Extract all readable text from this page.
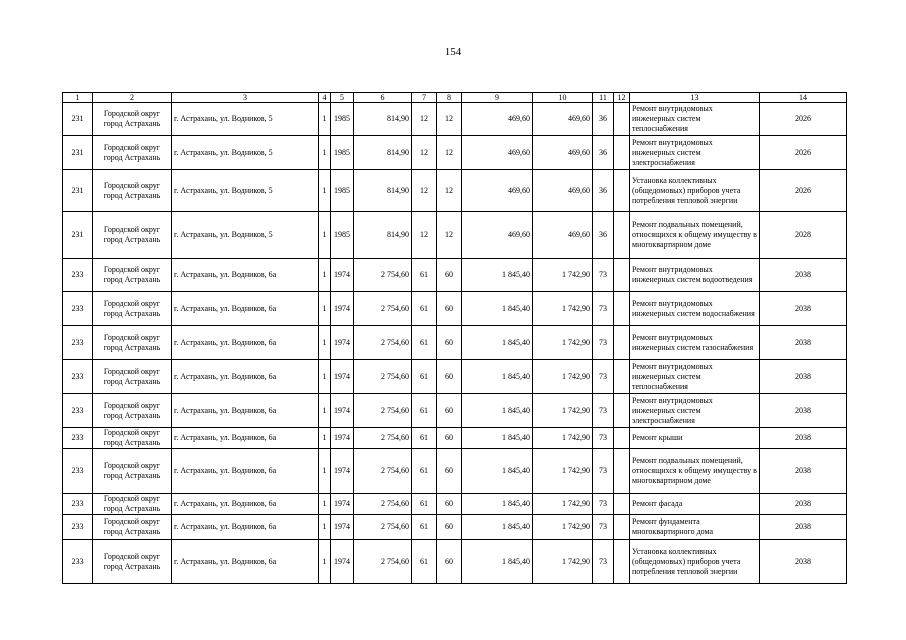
154
1	2	3	4	5	6	7	8	9	10	11	12	13	14
231	Городской округ город Астрахань	г. Астрахань, ул. Водников, 5	1	1985	814,90	12	12	469,60	469,60	36		Ремонт внутридомовых инженерных систем теплоснабжения	2026
231	Городской округ город Астрахань	г. Астрахань, ул. Водников, 5	1	1985	814,90	12	12	469,60	469,60	36		Ремонт внутридомовых инженерных систем электроснабжения	2026
231	Городской округ город Астрахань	г. Астрахань, ул. Водников, 5	1	1985	814,90	12	12	469,60	469,60	36		Установка коллективных (общедомовых) приборов учета потребления тепловой энергии	2026
231	Городской округ город Астрахань	г. Астрахань, ул. Водников, 5	1	1985	814,90	12	12	469,60	469,60	36		Ремонт подвальных помещений, относящихся к общему имуществу в многоквартирном доме	2028
233	Городской округ город Астрахань	г. Астрахань, ул. Водников, 6а	1	1974	2 754,60	61	60	1 845,40	1 742,90	73		Ремонт внутридомовых инженерных систем водоотведения	2038
233	Городской округ город Астрахань	г. Астрахань, ул. Водников, 6а	1	1974	2 754,60	61	60	1 845,40	1 742,90	73		Ремонт внутридомовых инженерных систем водоснабжения	2038
233	Городской округ город Астрахань	г. Астрахань, ул. Водников, 6а	1	1974	2 754,60	61	60	1 845,40	1 742,90	73		Ремонт внутридомовых инженерных систем газоснабжения	2038
233	Городской округ город Астрахань	г. Астрахань, ул. Водников, 6а	1	1974	2 754,60	61	60	1 845,40	1 742,90	73		Ремонт внутридомовых инженерных систем теплоснабжения	2038
233	Городской округ город Астрахань	г. Астрахань, ул. Водников, 6а	1	1974	2 754,60	61	60	1 845,40	1 742,90	73		Ремонт внутридомовых инженерных систем электроснабжения	2038
233	Городской округ город Астрахань	г. Астрахань, ул. Водников, 6а	1	1974	2 754,60	61	60	1 845,40	1 742,90	73		Ремонт крыши	2038
233	Городской округ город Астрахань	г. Астрахань, ул. Водников, 6а	1	1974	2 754,60	61	60	1 845,40	1 742,90	73		Ремонт подвальных помещений, относящихся к общему имуществу в многоквартирном доме	2038
233	Городской округ город Астрахань	г. Астрахань, ул. Водников, 6а	1	1974	2 754,60	61	60	1 845,40	1 742,90	73		Ремонт фасада	2038
233	Городской округ город Астрахань	г. Астрахань, ул. Водников, 6а	1	1974	2 754,60	61	60	1 845,40	1 742,90	73		Ремонт фундамента многоквартирного дома	2038
233	Городской округ город Астрахань	г. Астрахань, ул. Водников, 6а	1	1974	2 754,60	61	60	1 845,40	1 742,90	73		Установка коллективных (общедомовых) приборов учета потребления тепловой энергии	2038
